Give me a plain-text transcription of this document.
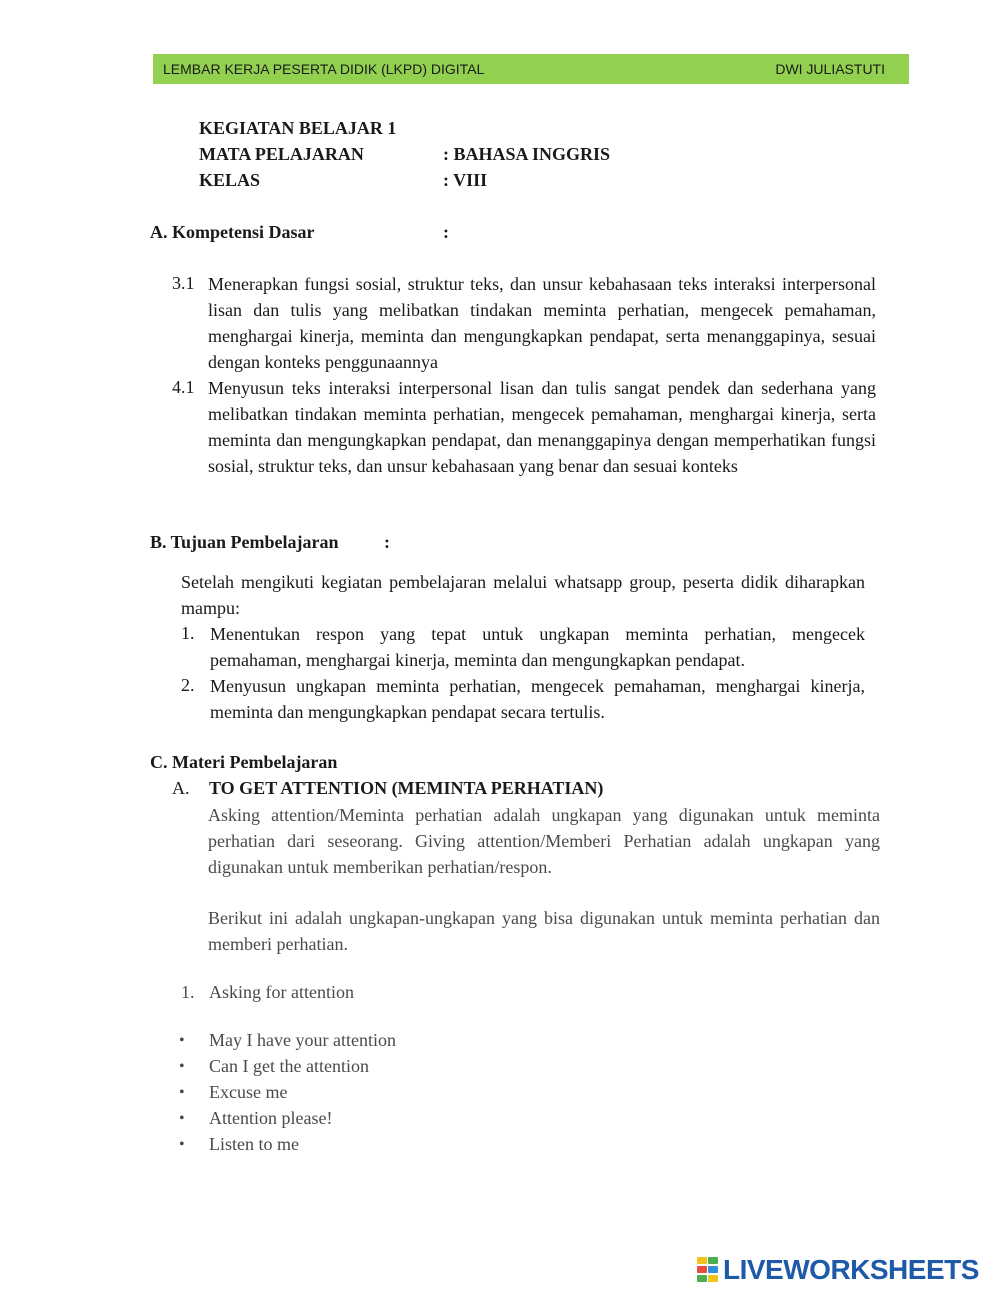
LEMBAR KERJA PESERTA DIDIK (LKPD) DIGITAL	DWI JULIASTUTI
KEGIATAN BELAJAR 1
MATA PELAJARAN	: BAHASA INGGRIS
KELAS	: VIII
A. Kompetensi Dasar	:
3.1 Menerapkan fungsi sosial, struktur teks, dan unsur kebahasaan teks interaksi interpersonal lisan dan tulis yang melibatkan tindakan meminta perhatian, mengecek pemahaman, menghargai kinerja, meminta dan mengungkapkan pendapat, serta menanggapinya, sesuai dengan konteks penggunaannya
4.1 Menyusun teks interaksi interpersonal lisan dan tulis sangat pendek dan sederhana yang melibatkan tindakan meminta perhatian, mengecek pemahaman, menghargai kinerja, serta meminta dan mengungkapkan pendapat, dan menanggapinya dengan memperhatikan fungsi sosial, struktur teks, dan unsur kebahasaan yang benar dan sesuai konteks
B. Tujuan Pembelajaran	:
Setelah mengikuti kegiatan pembelajaran melalui whatsapp group, peserta didik diharapkan mampu:
1. Menentukan respon yang tepat untuk ungkapan meminta perhatian, mengecek pemahaman, menghargai kinerja, meminta dan mengungkapkan pendapat.
2. Menyusun ungkapan meminta perhatian, mengecek pemahaman, menghargai kinerja, meminta dan mengungkapkan pendapat secara tertulis.
C. Materi Pembelajaran
A. TO GET ATTENTION (MEMINTA PERHATIAN)
Asking attention/Meminta perhatian adalah ungkapan yang digunakan untuk meminta perhatian dari seseorang. Giving attention/Memberi Perhatian adalah ungkapan yang digunakan untuk memberikan perhatian/respon.
Berikut ini adalah ungkapan-ungkapan yang bisa digunakan untuk meminta perhatian dan memberi perhatian.
1. Asking for attention
• May I have your attention
• Can I get the attention
• Excuse me
• Attention please!
• Listen to me
LIVEWORKSHEETS
